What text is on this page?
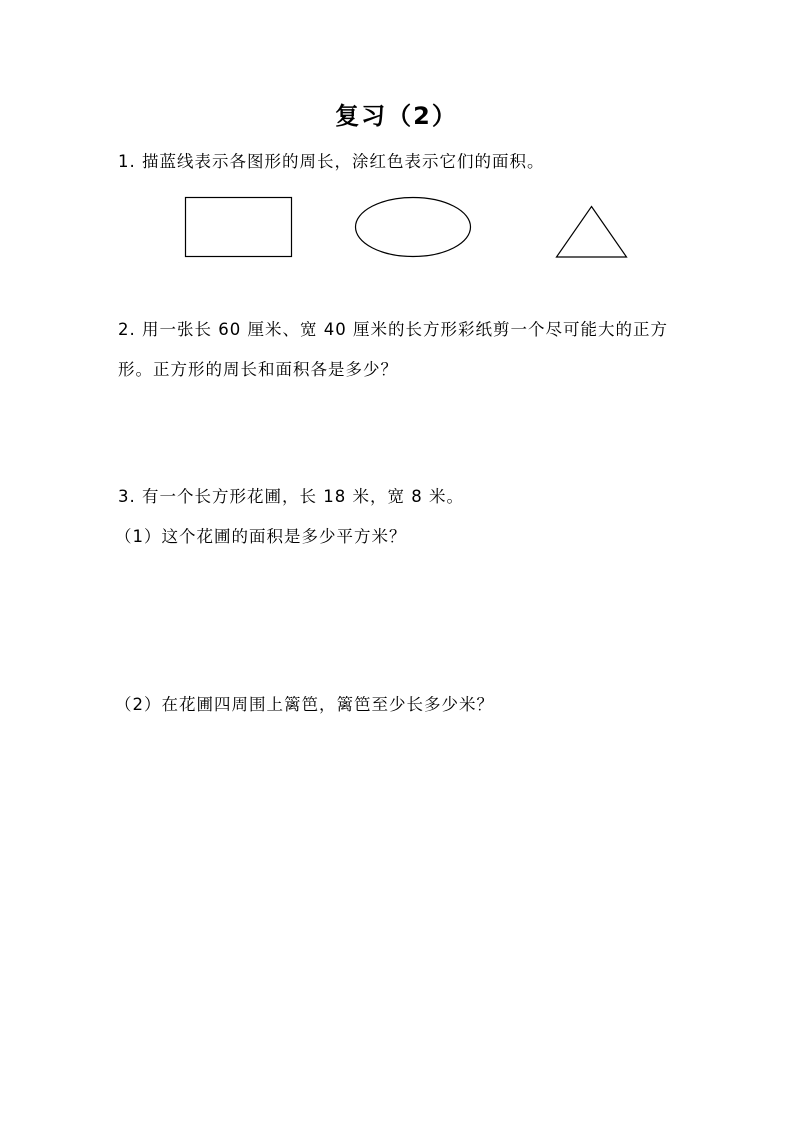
复习（2）
1. 描蓝线表示各图形的周长，涂红色表示它们的面积。
2. 用一张长 60 厘米、宽 40 厘米的长方形彩纸剪一个尽可能大的正方
形。正方形的周长和面积各是多少？
3. 有一个长方形花圃，长 18 米，宽 8 米。
（1）这个花圃的面积是多少平方米？
（2）在花圃四周围上篱笆，篱笆至少长多少米？
